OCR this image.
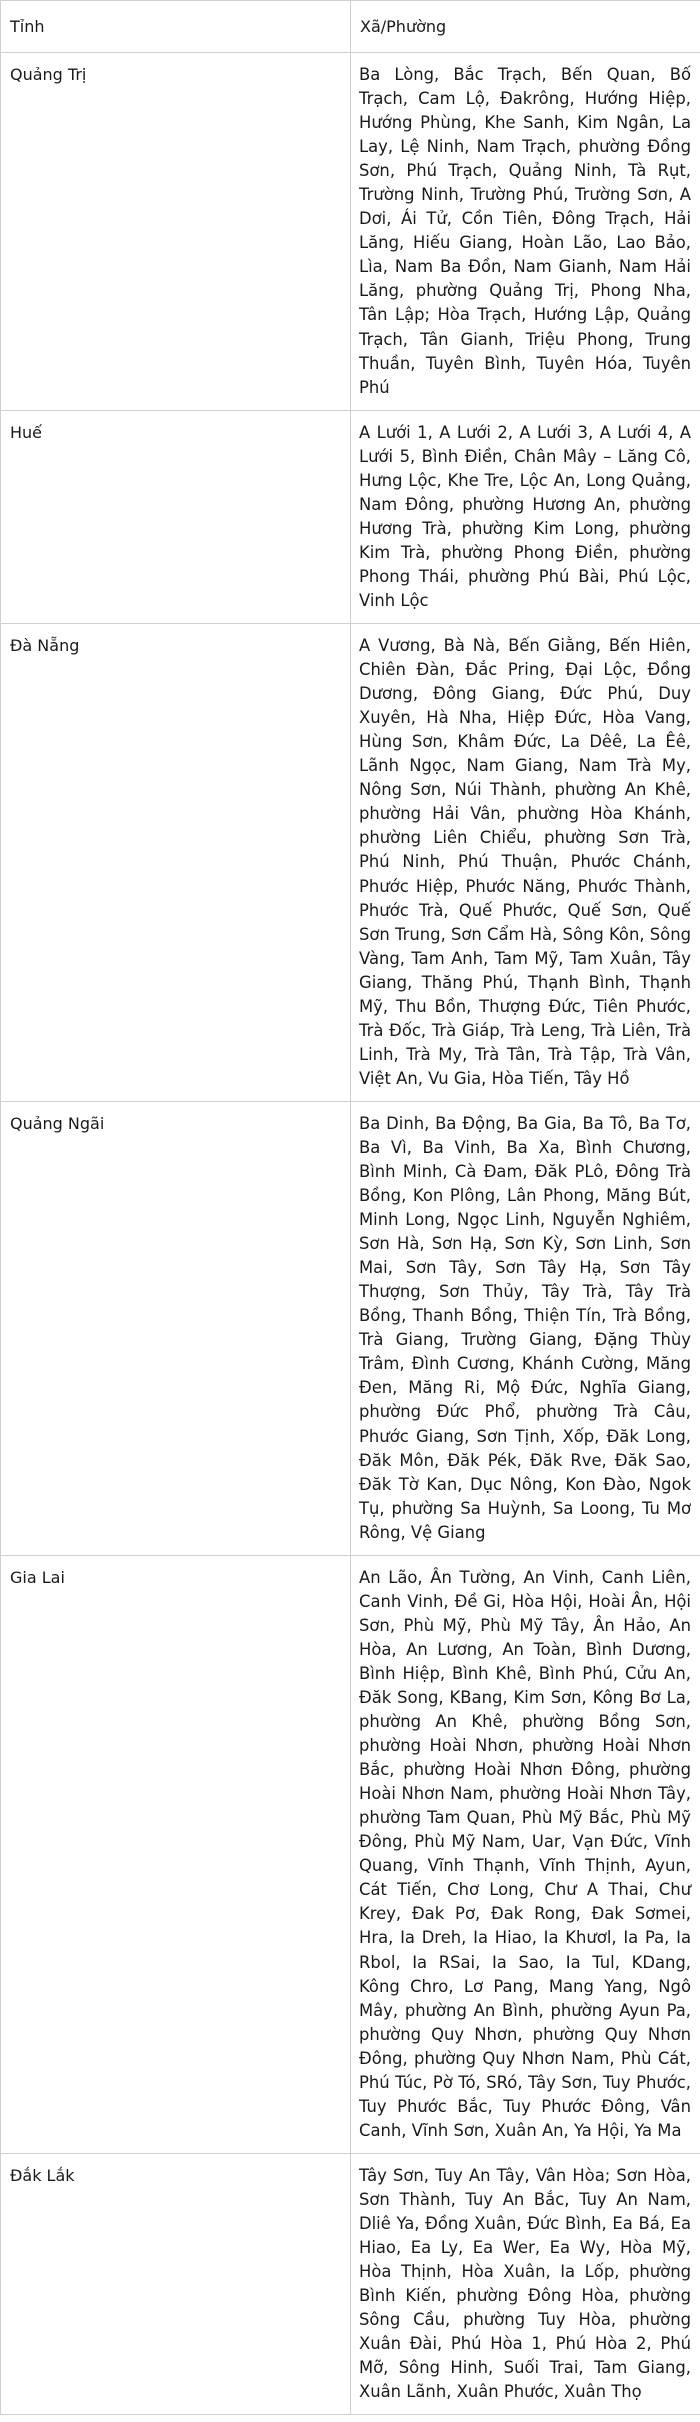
Tỉnh	Xã/Phường
Quảng Trị	Ba Lòng, Bắc Trạch, Bến Quan, Bố Trạch, Cam Lộ, Đakrông, Hướng Hiệp, Hướng Phùng, Khe Sanh, Kim Ngân, La Lay, Lệ Ninh, Nam Trạch, phường Đồng Sơn, Phú Trạch, Quảng Ninh, Tà Rụt, Trường Ninh, Trường Phú, Trường Sơn, A Dơi, Ái Tử, Cồn Tiên, Đông Trạch, Hải Lăng, Hiếu Giang, Hoàn Lão, Lao Bảo, Lìa, Nam Ba Đồn, Nam Gianh, Nam Hải Lăng, phường Quảng Trị, Phong Nha, Tân Lập; Hòa Trạch, Hướng Lập, Quảng Trạch, Tân Gianh, Triệu Phong, Trung Thuần, Tuyên Bình, Tuyên Hóa, Tuyên Phú

Huế	A Lưới 1, A Lưới 2, A Lưới 3, A Lưới 4, A Lưới 5, Bình Điền, Chân Mây – Lăng Cô, Hưng Lộc, Khe Tre, Lộc An, Long Quảng, Nam Đông, phường Hương An, phường Hương Trà, phường Kim Long, phường Kim Trà, phường Phong Điền, phường Phong Thái, phường Phú Bài, Phú Lộc, Vinh Lộc

Đà Nẵng	A Vương, Bà Nà, Bến Giằng, Bến Hiên, Chiên Đàn, Đắc Pring, Đại Lộc, Đồng Dương, Đông Giang, Đức Phú, Duy Xuyên, Hà Nha, Hiệp Đức, Hòa Vang, Hùng Sơn, Khâm Đức, La Dêê, La Êê, Lãnh Ngọc, Nam Giang, Nam Trà My, Nông Sơn, Núi Thành, phường An Khê, phường Hải Vân, phường Hòa Khánh, phường Liên Chiểu, phường Sơn Trà, Phú Ninh, Phú Thuận, Phước Chánh, Phước Hiệp, Phước Năng, Phước Thành, Phước Trà, Quế Phước, Quế Sơn, Quế Sơn Trung, Sơn Cẩm Hà, Sông Kôn, Sông Vàng, Tam Anh, Tam Mỹ, Tam Xuân, Tây Giang, Thăng Phú, Thạnh Bình, Thạnh Mỹ, Thu Bồn, Thượng Đức, Tiên Phước, Trà Đốc, Trà Giáp, Trà Leng, Trà Liên, Trà Linh, Trà My, Trà Tân, Trà Tập, Trà Vân, Việt An, Vu Gia, Hòa Tiến, Tây Hồ

Quảng Ngãi	Ba Dinh, Ba Động, Ba Gia, Ba Tô, Ba Tơ, Ba Vì, Ba Vinh, Ba Xa, Bình Chương, Bình Minh, Cà Đam, Đăk PLô, Đông Trà Bồng, Kon Plông, Lân Phong, Măng Bút, Minh Long, Ngọc Linh, Nguyễn Nghiêm, Sơn Hà, Sơn Hạ, Sơn Kỳ, Sơn Linh, Sơn Mai, Sơn Tây, Sơn Tây Hạ, Sơn Tây Thượng, Sơn Thủy, Tây Trà, Tây Trà Bồng, Thanh Bồng, Thiện Tín, Trà Bồng, Trà Giang, Trường Giang, Đặng Thùy Trâm, Đình Cương, Khánh Cường, Măng Đen, Măng Ri, Mộ Đức, Nghĩa Giang, phường Đức Phổ, phường Trà Câu, Phước Giang, Sơn Tịnh, Xốp, Đăk Long, Đăk Môn, Đăk Pék, Đăk Rve, Đăk Sao, Đăk Tờ Kan, Dục Nông, Kon Đào, Ngok Tụ, phường Sa Huỳnh, Sa Loong, Tu Mơ Rông, Vệ Giang

Gia Lai	An Lão, Ân Tường, An Vinh, Canh Liên, Canh Vinh, Đề Gi, Hòa Hội, Hoài Ân, Hội Sơn, Phù Mỹ, Phù Mỹ Tây, Ân Hảo, An Hòa, An Lương, An Toàn, Bình Dương, Bình Hiệp, Bình Khê, Bình Phú, Cửu An, Đăk Song, KBang, Kim Sơn, Kông Bơ La, phường An Khê, phường Bồng Sơn, phường Hoài Nhơn, phường Hoài Nhơn Bắc, phường Hoài Nhơn Đông, phường Hoài Nhơn Nam, phường Hoài Nhơn Tây, phường Tam Quan, Phù Mỹ Bắc, Phù Mỹ Đông, Phù Mỹ Nam, Uar, Vạn Đức, Vĩnh Quang, Vĩnh Thạnh, Vĩnh Thịnh, Ayun, Cát Tiến, Chơ Long, Chư A Thai, Chư Krey, Đak Pơ, Đak Rong, Đak Sơmei, Hra, Ia Dreh, Ia Hiao, Ia Khươl, Ia Pa, Ia Rbol, Ia RSai, Ia Sao, Ia Tul, KDang, Kông Chro, Lơ Pang, Mang Yang, Ngô Mây, phường An Bình, phường Ayun Pa, phường Quy Nhơn, phường Quy Nhơn Đông, phường Quy Nhơn Nam, Phù Cát, Phú Túc, Pờ Tó, SRó, Tây Sơn, Tuy Phước, Tuy Phước Bắc, Tuy Phước Đông, Vân Canh, Vĩnh Sơn, Xuân An, Ya Hội, Ya Ma

Đắk Lắk	Tây Sơn, Tuy An Tây, Vân Hòa; Sơn Hòa, Sơn Thành, Tuy An Bắc, Tuy An Nam, Dliê Ya, Đồng Xuân, Đức Bình, Ea Bá, Ea Hiao, Ea Ly, Ea Wer, Ea Wy, Hòa Mỹ, Hòa Thịnh, Hòa Xuân, Ia Lốp, phường Bình Kiến, phường Đông Hòa, phường Sông Cầu, phường Tuy Hòa, phường Xuân Đài, Phú Hòa 1, Phú Hòa 2, Phú Mỡ, Sông Hinh, Suối Trai, Tam Giang, Xuân Lãnh, Xuân Phước, Xuân Thọ
